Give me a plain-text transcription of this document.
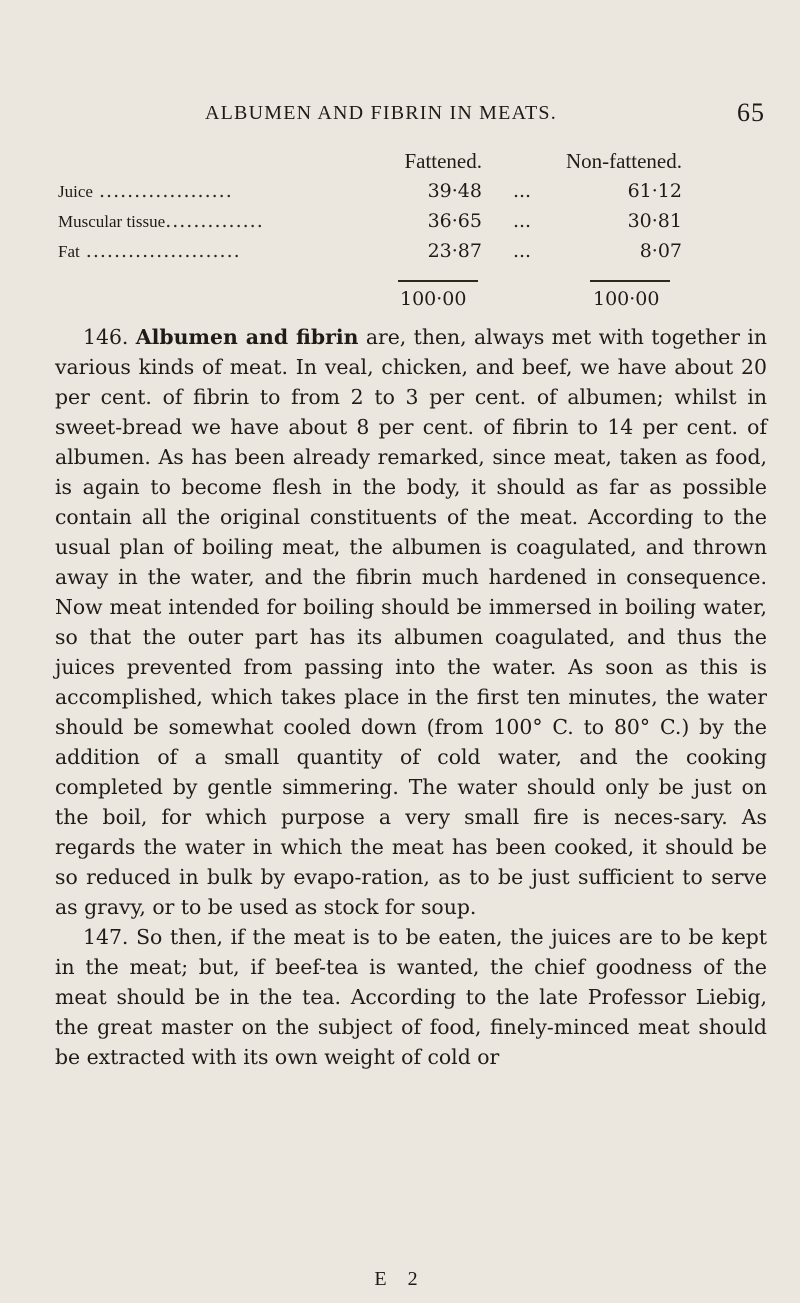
ALBUMEN AND FIBRIN IN MEATS.	65
	Fattened.		Non-fattened.
Juice ...................	39·48	...	61·12
Muscular tissue..............	36·65	...	30·81
Fat ......................	23·87	...	8·07
100·00	100·00

146. Albumen and fibrin are, then, always met with together in various kinds of meat. In veal, chicken, and beef, we have about 20 per cent. of fibrin to from 2 to 3 per cent. of albumen; whilst in sweet-bread we have about 8 per cent. of fibrin to 14 per cent. of albumen. As has been already remarked, since meat, taken as food, is again to become flesh in the body, it should as far as possible contain all the original constituents of the meat. According to the usual plan of boiling meat, the albumen is coagulated, and thrown away in the water, and the fibrin much hardened in consequence. Now meat intended for boiling should be immersed in boiling water, so that the outer part has its albumen coagulated, and thus the juices prevented from passing into the water. As soon as this is accomplished, which takes place in the first ten minutes, the water should be somewhat cooled down (from 100° C. to 80° C.) by the addition of a small quantity of cold water, and the cooking completed by gentle simmering. The water should only be just on the boil, for which purpose a very small fire is neces-sary. As regards the water in which the meat has been cooked, it should be so reduced in bulk by evapo-ration, as to be just sufficient to serve as gravy, or to be used as stock for soup.

147. So then, if the meat is to be eaten, the juices are to be kept in the meat; but, if beef-tea is wanted, the chief goodness of the meat should be in the tea. According to the late Professor Liebig, the great master on the subject of food, finely-minced meat should be extracted with its own weight of cold or

E 2
